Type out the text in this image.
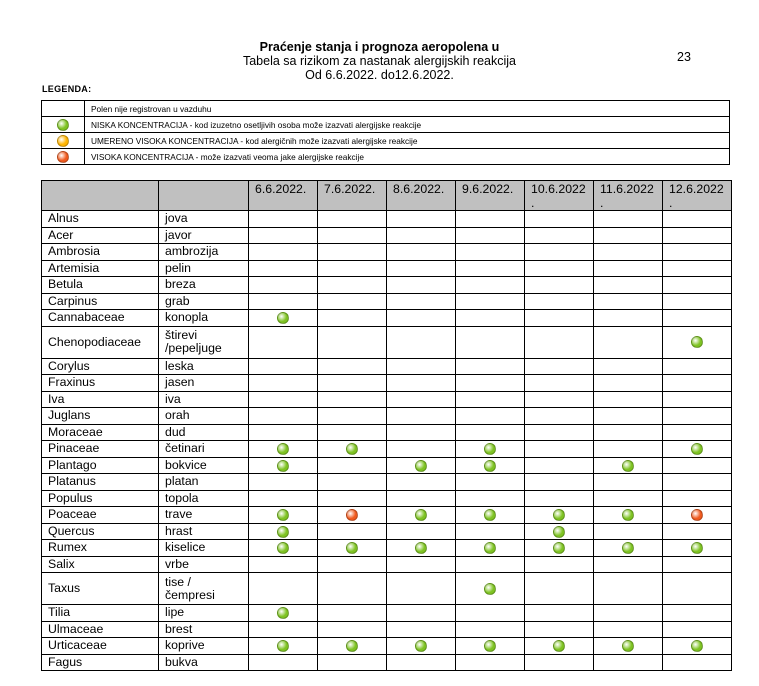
Praćenje stanja i prognoza aeropolena u
Tabela sa rizikom za nastanak alergijskih reakcija
Od 6.6.2022. do12.6.2022.
23
LEGENDA:
	Polen nije registrovan u vazduhu
	NISKA KONCENTRACIJA - kod izuzetno osetljivih osoba može izazvati alergijske reakcije
	UMERENO VISOKA KONCENTRACIJA - kod alergičnih može izazvati alergijske reakcije
	VISOKA KONCENTRACIJA - može izazvati veoma jake alergijske reakcije
		6.6.2022.	7.6.2022.	8.6.2022.	9.6.2022.	10.6.2022
.	11.6.2022
.	12.6.2022
.
Alnus	jova							
Acer	javor							
Ambrosia	ambrozija							
Artemisia	pelin							
Betula	breza							
Carpinus	grab							
Cannabaceae	konopla							
Chenopodiaceae	štirevi
/pepeljuge							
Corylus	leska							
Fraxinus	jasen							
Iva	iva							
Juglans	orah							
Moraceae	dud							
Pinaceae	četinari							
Plantago	bokvice							
Platanus	platan							
Populus	topola							
Poaceae	trave							
Quercus	hrast							
Rumex	kiselice							
Salix	vrbe							
Taxus	tise /
čempresi							
Tilia	lipe							
Ulmaceae	brest							
Urticaceae	koprive							
Fagus	bukva							
